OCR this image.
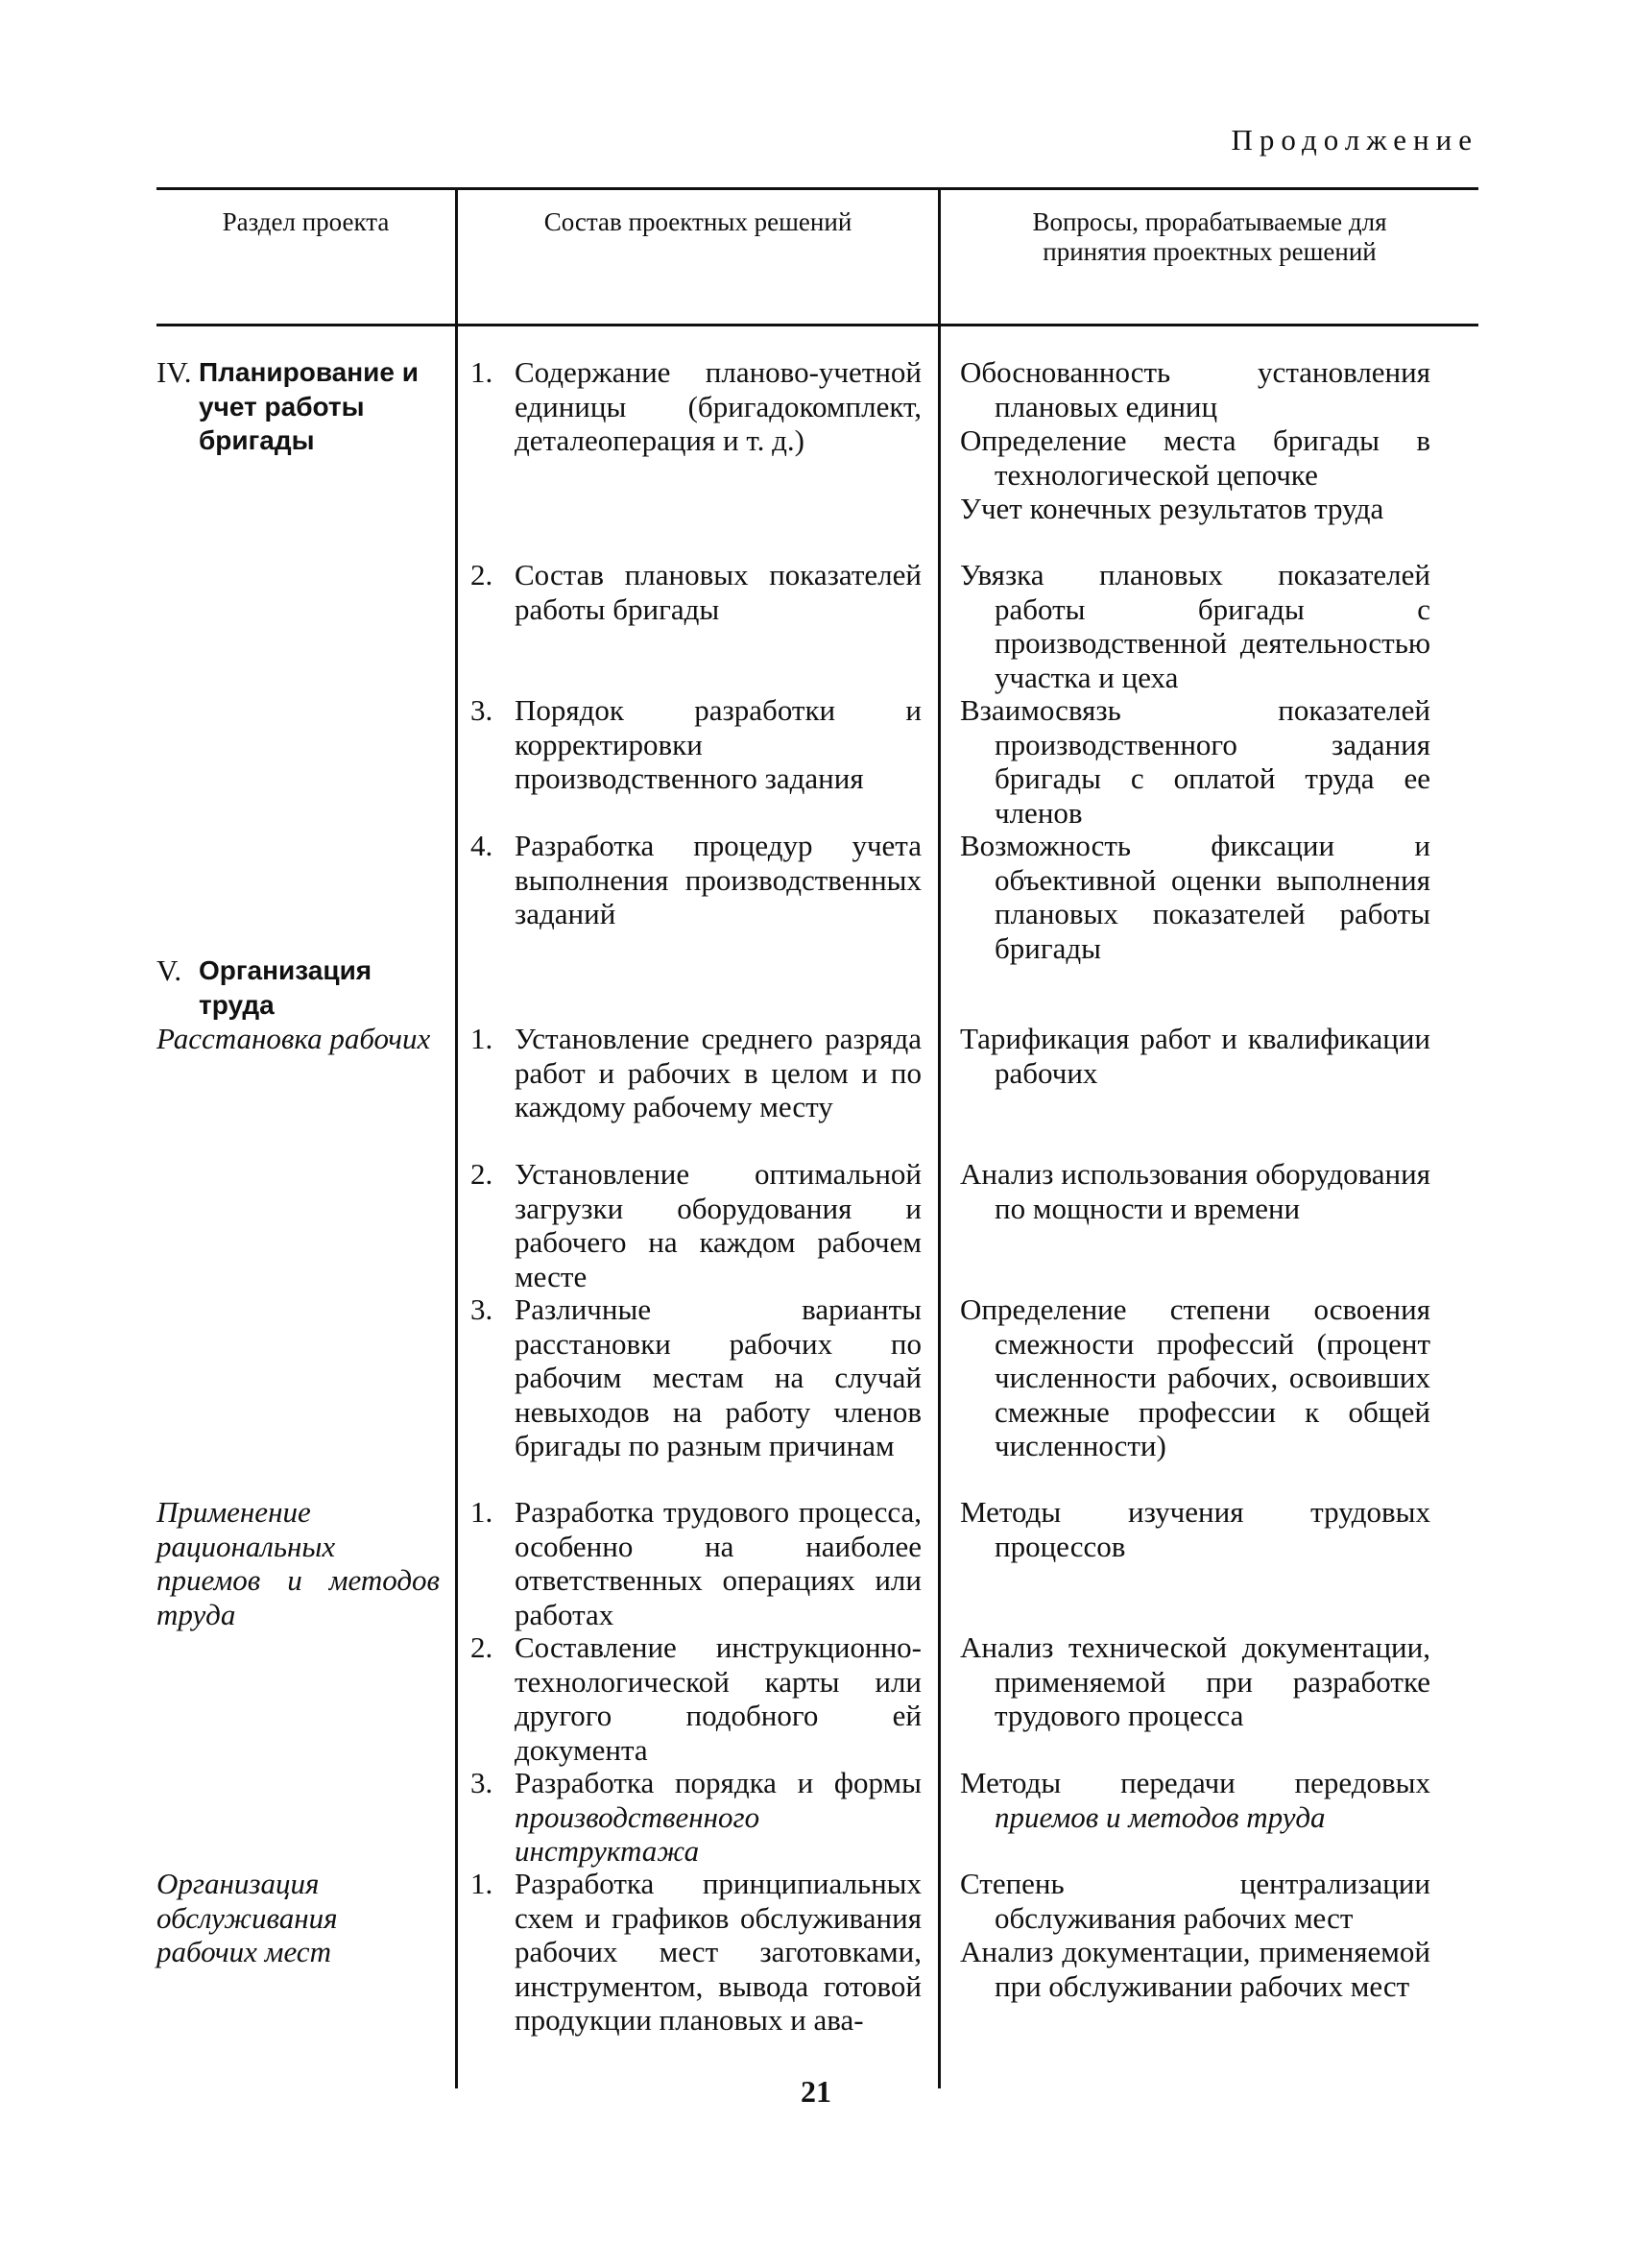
Продолжение
Раздел проекта	Состав проектных решений	Вопросы, прорабатываемые для принятия проектных решений
IV. Планирование и учет работы бригады
V. Организация труда
Расстановка рабочих
Применение рациональных приемов и методов труда
Организация обслуживания рабочих мест
1. Содержание планово-учетной единицы (бригадокомплект, деталеоперация и т. д.)
2. Состав плановых показателей работы бригады
3. Порядок разработки и корректировки производственного задания
4. Разработка процедур учета выполнения производственных заданий
1. Установление среднего разряда работ и рабочих в целом и по каждому рабочему месту
2. Установление оптимальной загрузки оборудования и рабочего на каждом рабочем месте
3. Различные варианты расстановки рабочих по рабочим местам на случай невыходов на работу членов бригады по разным причинам
1. Разработка трудового процесса, особенно на наиболее ответственных операциях или работах
2. Составление инструкционно-технологической карты или другого подобного ей документа
3. Разработка порядка и формы производственного инструктажа
1. Разработка принципиальных схем и графиков обслуживания рабочих мест заготовками, инструментом, вывода готовой продукции плановых и ава-
Обоснованность установления плановых единиц
Определение места бригады в технологической цепочке
Учет конечных результатов труда
Увязка плановых показателей работы бригады с производственной деятельностью участка и цеха
Взаимосвязь показателей производственного задания бригады с оплатой труда ее членов
Возможность фиксации и объективной оценки выполнения плановых показателей работы бригады
Тарификация работ и квалификации рабочих
Анализ использования оборудования по мощности и времени
Определение степени освоения смежности профессий (процент численности рабочих, освоивших смежные профессии к общей численности)
Методы изучения трудовых процессов
Анализ технической документации, применяемой при разработке трудового процесса
Методы передачи передовых приемов и методов труда
Степень централизации обслуживания рабочих мест
Анализ документации, применяемой при обслуживании рабочих мест
21
